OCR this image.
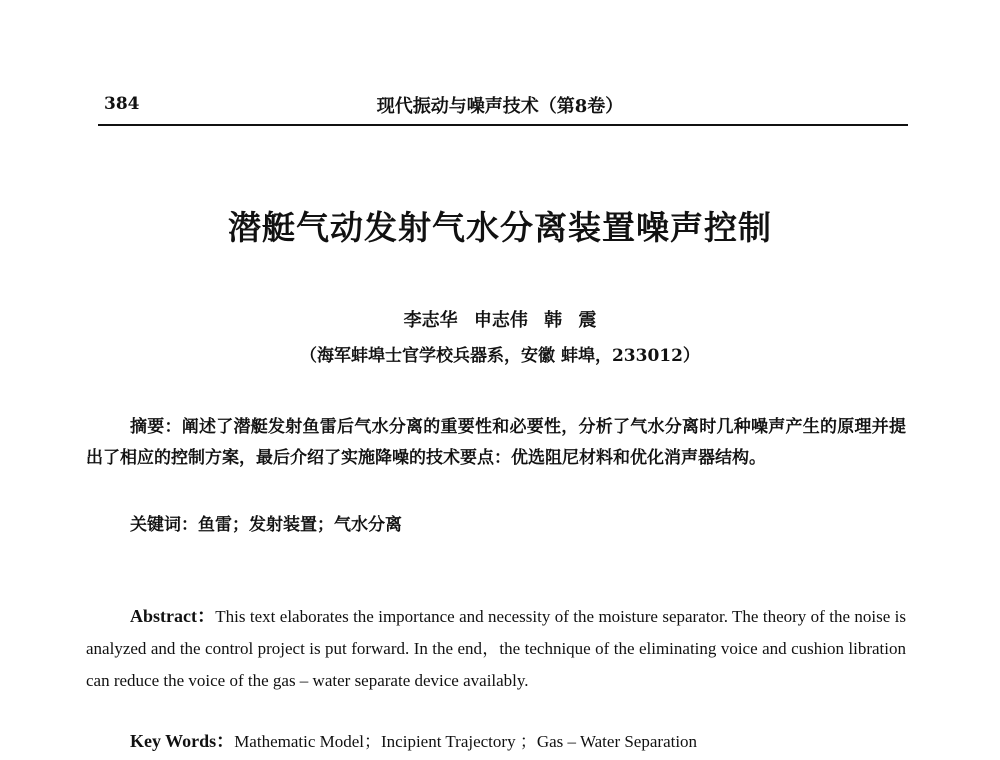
384	现代振动与噪声技术（第8卷）
潜艇气动发射气水分离装置噪声控制
李志华 申志伟 韩 震
（海军蚌埠士官学校兵器系，安徽 蚌埠，233012）
摘要：阐述了潜艇发射鱼雷后气水分离的重要性和必要性，分析了气水分离时几种噪声产生的原理并提出了相应的控制方案，最后介绍了实施降噪的技术要点：优选阻尼材料和优化消声器结构。
关键词：鱼雷；发射装置；气水分离
Abstract：This text elaborates the importance and necessity of the moisture separator. The theory of the noise is analyzed and the control project is put forward. In the end，the technique of the eliminating voice and cushion libration can reduce the voice of the gas – water separate device availably.
Key Words：Mathematic Model；Incipient Trajectory ；Gas – Water Separation
